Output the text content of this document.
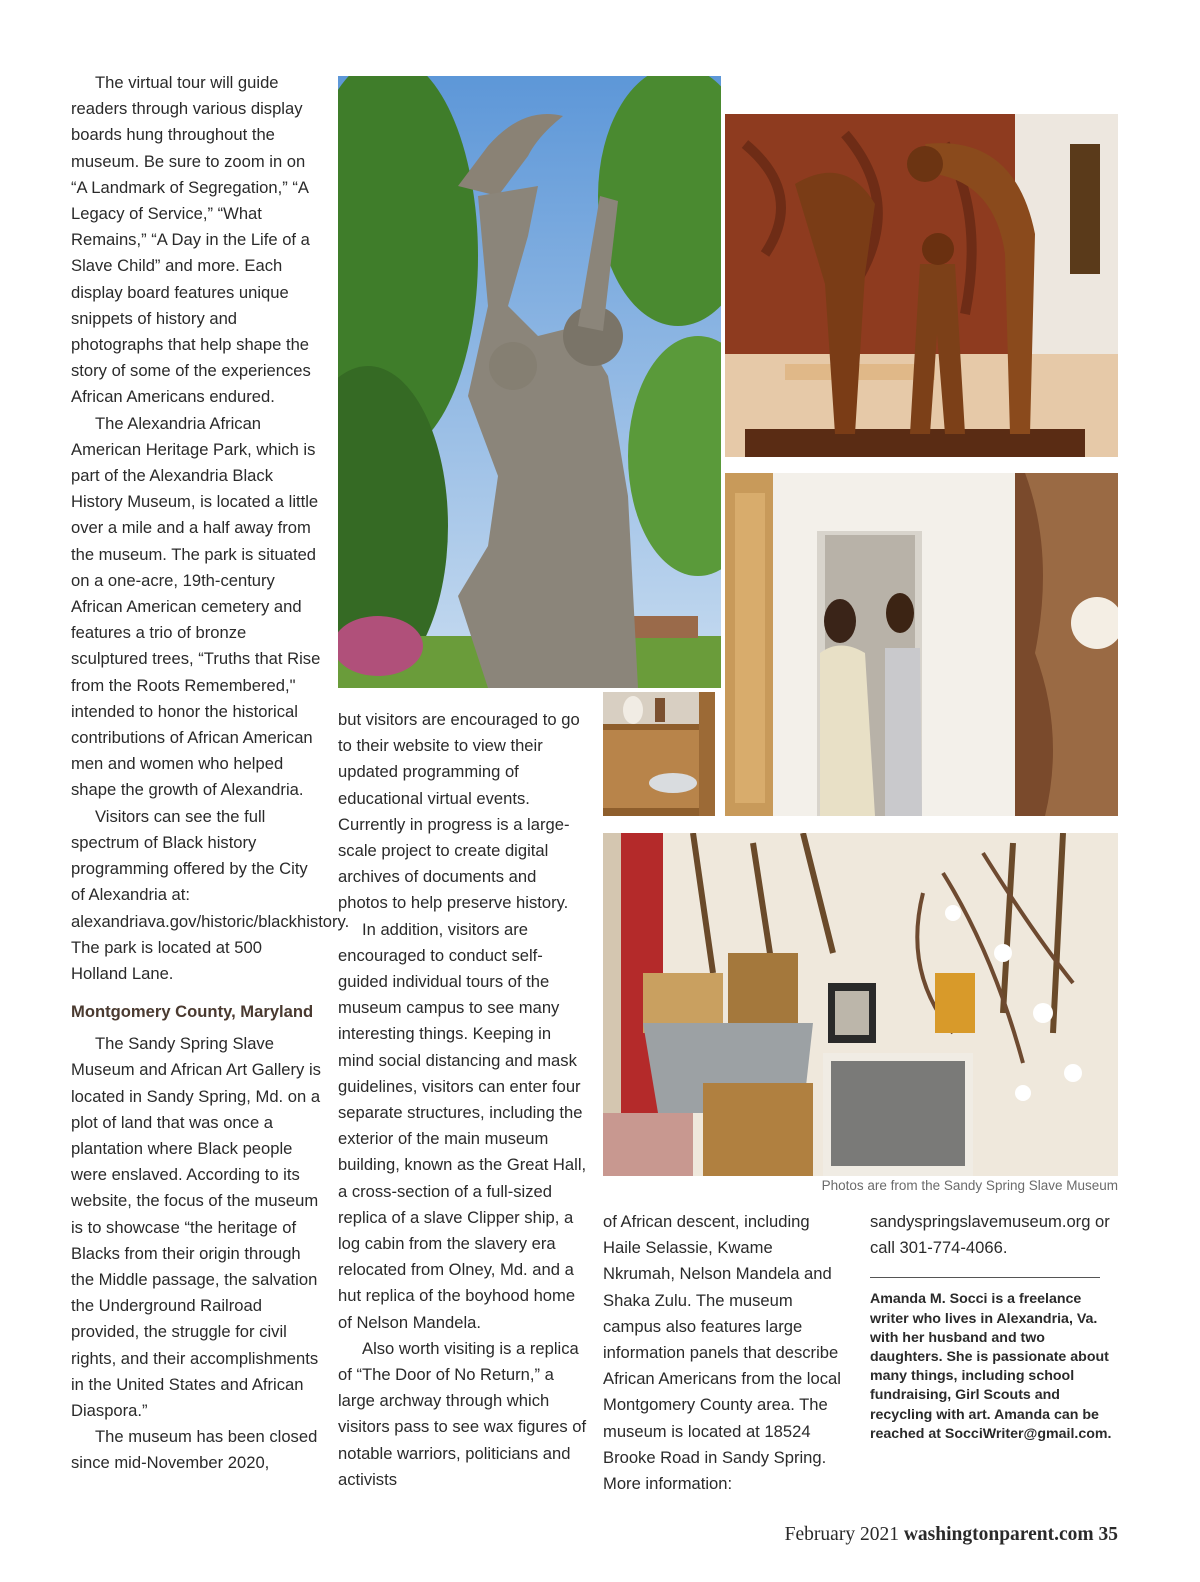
The virtual tour will guide readers through various display boards hung throughout the museum. Be sure to zoom in on “A Landmark of Segregation,” “A Legacy of Service,” “What Remains,” “A Day in the Life of a Slave Child” and more. Each display board features unique snippets of history and photographs that help shape the story of some of the experiences African Americans endured.

The Alexandria African American Heritage Park, which is part of the Alexandria Black History Museum, is located a little over a mile and a half away from the museum. The park is situated on a one-acre, 19th-century African American cemetery and features a trio of bronze sculptured trees, “Truths that Rise from the Roots Remembered," intended to honor the historical contributions of African American men and women who helped shape the growth of Alexandria.

Visitors can see the full spectrum of Black history programming offered by the City of Alexandria at: alexandriava.gov/historic/blackhistory. The park is located at 500 Holland Lane.

Montgomery County, Maryland

The Sandy Spring Slave Museum and African Art Gallery is located in Sandy Spring, Md. on a plot of land that was once a plantation where Black people were enslaved. According to its website, the focus of the museum is to showcase “the heritage of Blacks from their origin through the Middle passage, the salvation the Underground Railroad provided, the struggle for civil rights, and their accomplishments in the United States and African Diaspora.”

The museum has been closed since mid-November 2020,

but visitors are encouraged to go to their website to view their updated programming of educational virtual events. Currently in progress is a large-scale project to create digital archives of documents and photos to help preserve history.

In addition, visitors are encouraged to conduct self-guided individual tours of the museum campus to see many interesting things. Keeping in mind social distancing and mask guidelines, visitors can enter four separate structures, including the exterior of the main museum building, known as the Great Hall, a cross-section of a full-sized replica of a slave Clipper ship, a log cabin from the slavery era relocated from Olney, Md. and a hut replica of the boyhood home of Nelson Mandela.

Also worth visiting is a replica of “The Door of No Return,” a large archway through which visitors pass to see wax figures of notable warriors, politicians and activists

of African descent, including Haile Selassie, Kwame Nkrumah, Nelson Mandela and Shaka Zulu. The museum campus also features large information panels that describe African Americans from the local Montgomery County area. The museum is located at 18524 Brooke Road in Sandy Spring. More information:

sandyspringslavemuseum.org or call 301-774-4066.

Amanda M. Socci is a freelance writer who lives in Alexandria, Va. with her husband and two daughters. She is passionate about many things, including school fundraising, Girl Scouts and recycling with art. Amanda can be reached at SocciWriter@gmail.com.

Photos are from the Sandy Spring Slave Museum
February 2021 washingtonparent.com 35
